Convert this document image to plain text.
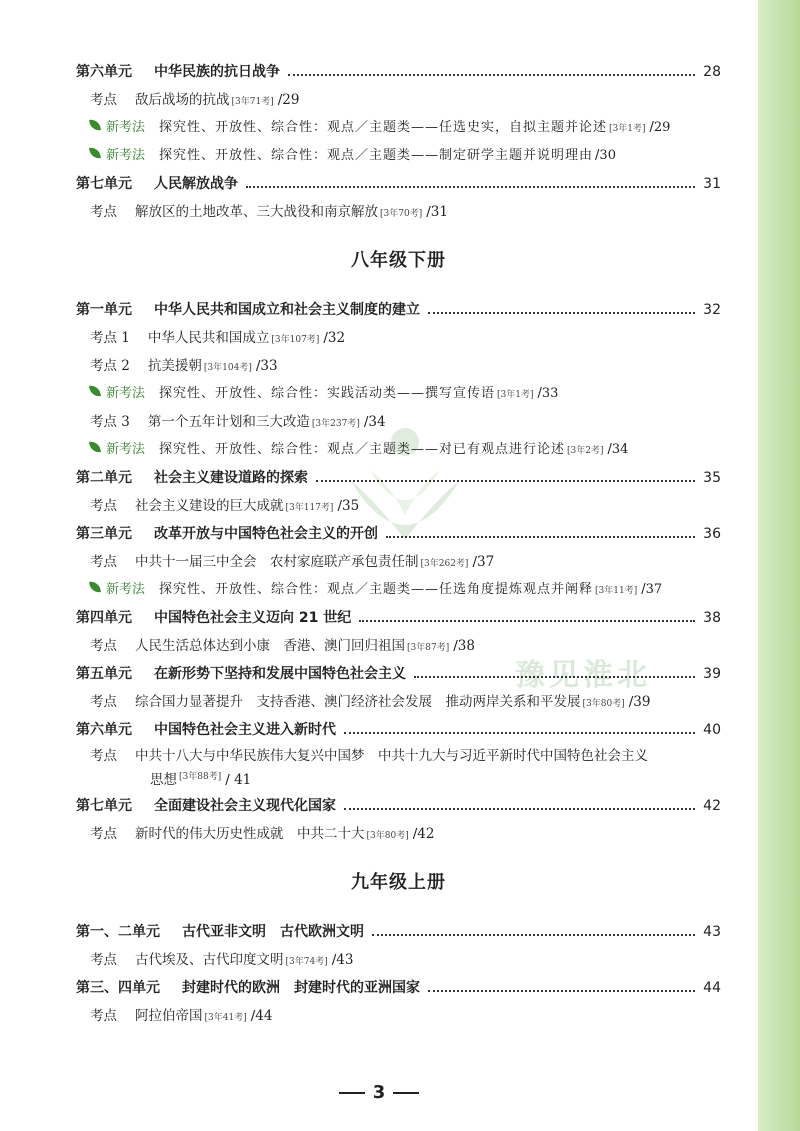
豫见淮北
第六单元 中华民族的抗日战争	28
考点 敌后战场的抗战 3年71考 / 29
新考法 探究性、开放性、综合性：观点／主题类——任选史实，自拟主题并论述 3年1考 / 29
新考法 探究性、开放性、综合性：观点／主题类——制定研学主题并说明理由 / 30
第七单元 人民解放战争	31
考点 解放区的土地改革、三大战役和南京解放 3年70考 / 31
八年级下册
第一单元 中华人民共和国成立和社会主义制度的建立	32
考点 1 中华人民共和国成立 3年107考 / 32
考点 2 抗美援朝 3年104考 / 33
新考法 探究性、开放性、综合性：实践活动类——撰写宣传语 3年1考 / 33
考点 3 第一个五年计划和三大改造 3年237考 / 34
新考法 探究性、开放性、综合性：观点／主题类——对已有观点进行论述 3年2考 / 34
第二单元 社会主义建设道路的探索	35
考点 社会主义建设的巨大成就 3年117考 / 35
第三单元 改革开放与中国特色社会主义的开创	36
考点 中共十一届三中全会　农村家庭联产承包责任制 3年262考 / 37
新考法 探究性、开放性、综合性：观点／主题类——任选角度提炼观点并阐释 3年11考 / 37
第四单元 中国特色社会主义迈向 21 世纪	38
考点 人民生活总体达到小康　香港、澳门回归祖国 3年87考 / 38
第五单元 在新形势下坚持和发展中国特色社会主义	39
考点 综合国力显著提升　支持香港、澳门经济社会发展　推动两岸关系和平发展 3年80考 / 39
第六单元 中国特色社会主义进入新时代	40
考点 中共十八大与中华民族伟大复兴中国梦　中共十九大与习近平新时代中国特色社会主义
思想 [ $^{3年88考}$ ] / 41
第七单元 全面建设社会主义现代化国家	42
考点 新时代的伟大历史性成就　中共二十大 3年80考 / 42
九年级上册
第一、二单元 古代亚非文明　古代欧洲文明	43
考点 古代埃及、古代印度文明 3年74考 / 43
第三、四单元 封建时代的欧洲　封建时代的亚洲国家	44
考点 阿拉伯帝国 3年41考 / 44
3
